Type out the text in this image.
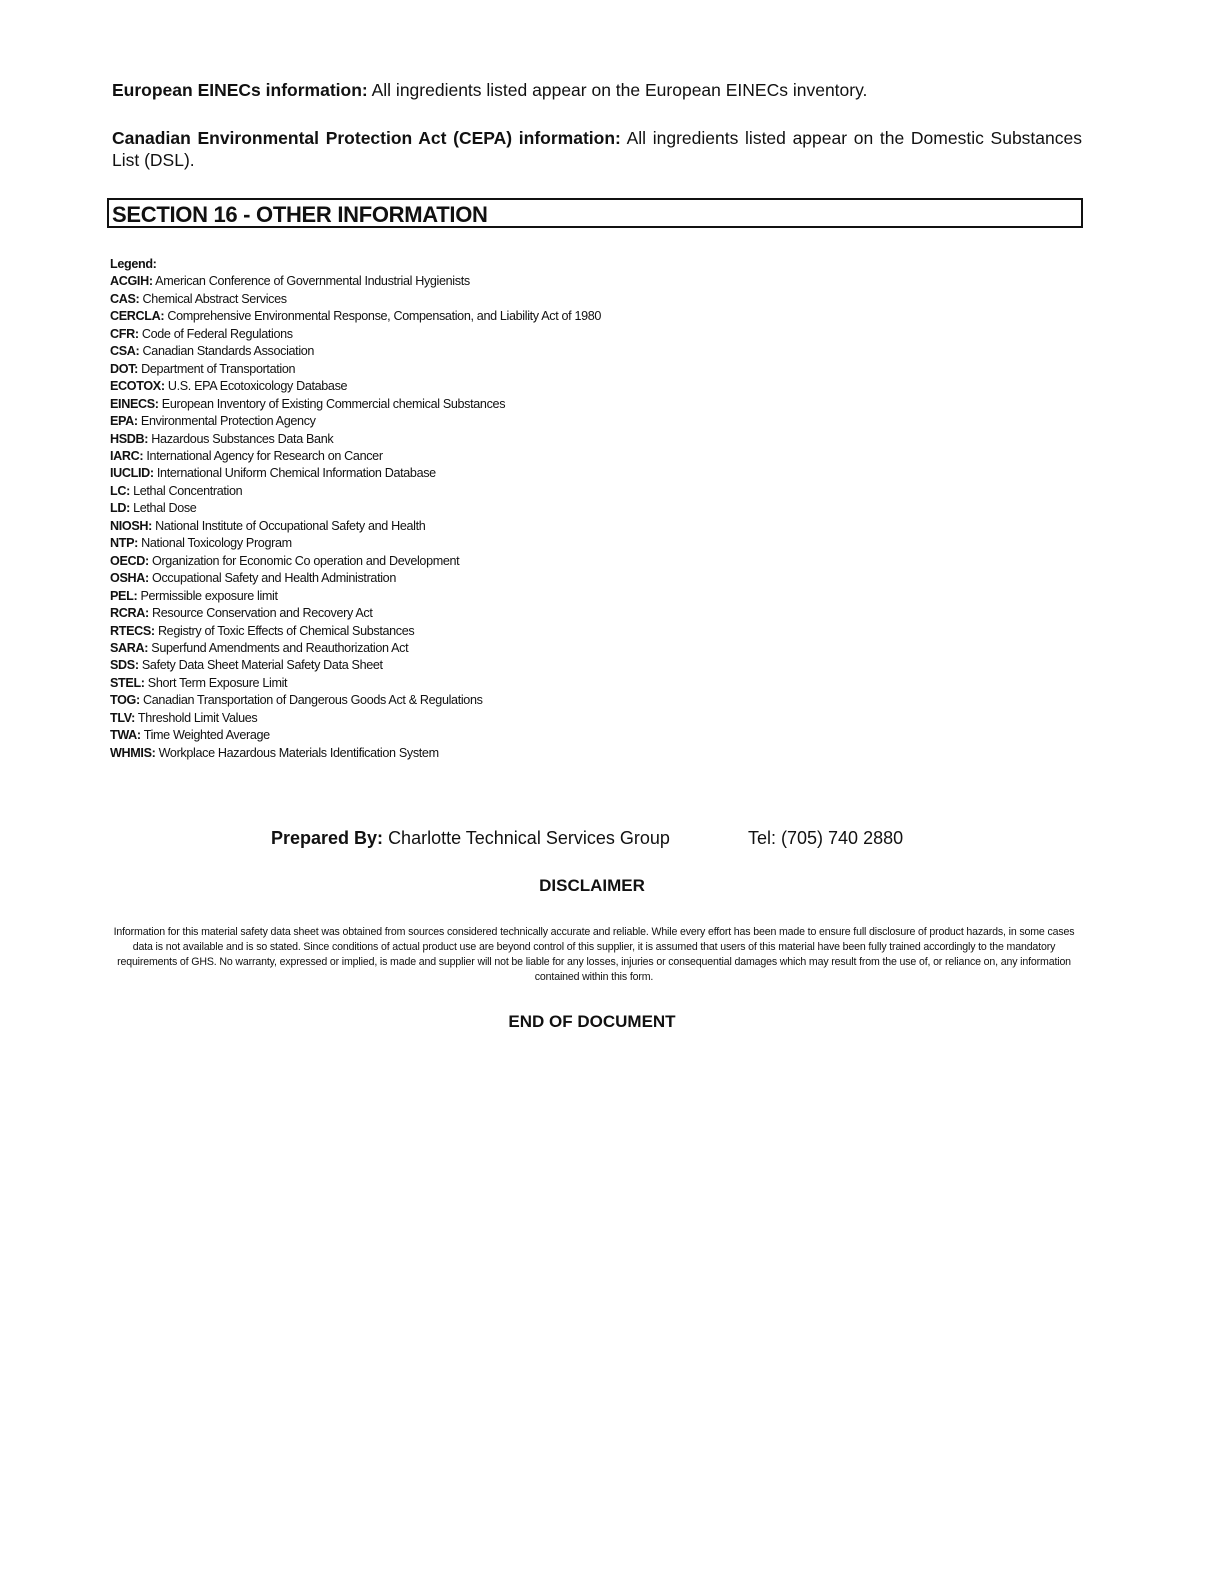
European EINECs information: All ingredients listed appear on the European EINECs inventory.
Canadian Environmental Protection Act (CEPA) information: All ingredients listed appear on the Domestic Substances List (DSL).
SECTION 16 - OTHER INFORMATION
Legend:
ACGIH: American Conference of Governmental Industrial Hygienists
CAS: Chemical Abstract Services
CERCLA: Comprehensive Environmental Response, Compensation, and Liability Act of 1980
CFR: Code of Federal Regulations
CSA: Canadian Standards Association
DOT: Department of Transportation
ECOTOX: U.S. EPA Ecotoxicology Database
EINECS: European Inventory of Existing Commercial chemical Substances
EPA: Environmental Protection Agency
HSDB: Hazardous Substances Data Bank
IARC: International Agency for Research on Cancer
IUCLID: International Uniform Chemical Information Database
LC: Lethal Concentration
LD: Lethal Dose
NIOSH: National Institute of Occupational Safety and Health
NTP: National Toxicology Program
OECD: Organization for Economic Co operation and Development
OSHA: Occupational Safety and Health Administration
PEL: Permissible exposure limit
RCRA: Resource Conservation and Recovery Act
RTECS: Registry of Toxic Effects of Chemical Substances
SARA: Superfund Amendments and Reauthorization Act
SDS: Safety Data Sheet Material Safety Data Sheet
STEL: Short Term Exposure Limit
TOG: Canadian Transportation of Dangerous Goods Act & Regulations
TLV: Threshold Limit Values
TWA: Time Weighted Average
WHMIS: Workplace Hazardous Materials Identification System
Prepared By: Charlotte Technical Services Group	Tel: (705) 740 2880
DISCLAIMER
Information for this material safety data sheet was obtained from sources considered technically accurate and reliable. While every effort has been made to ensure full disclosure of product hazards, in some cases data is not available and is so stated. Since conditions of actual product use are beyond control of this supplier, it is assumed that users of this material have been fully trained accordingly to the mandatory requirements of GHS. No warranty, expressed or implied, is made and supplier will not be liable for any losses, injuries or consequential damages which may result from the use of, or reliance on, any information contained within this form.
END OF DOCUMENT
